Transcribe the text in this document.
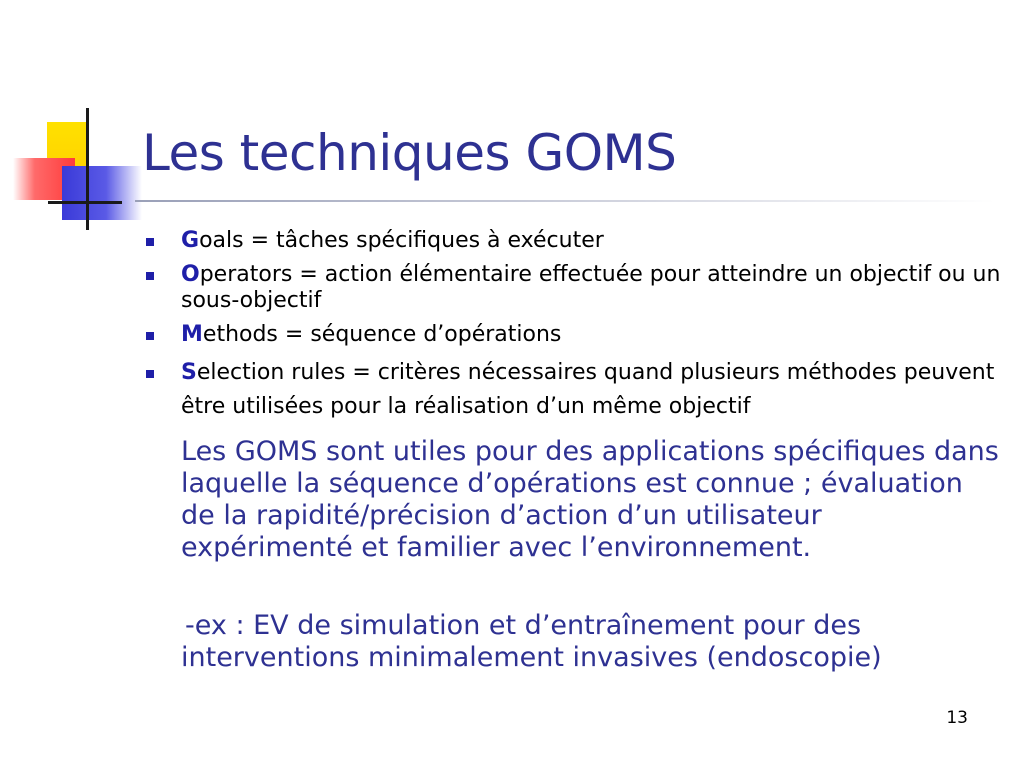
Les techniques GOMS
Goals = tâches spécifiques à exécuter
Operators = action élémentaire effectuée pour atteindre un objectif ou un sous-objectif
Methods = séquence d’opérations
Selection rules = critères nécessaires quand plusieurs méthodes peuvent être utilisées pour la réalisation d’un même objectif

Les GOMS sont utiles pour des applications spécifiques dans laquelle la séquence d’opérations est connue ; évaluation de la rapidité/précision d’action d’un utilisateur expérimenté et familier avec l’environnement.

-ex : EV de simulation et d’entraînement pour des interventions minimalement invasives (endoscopie)

13
